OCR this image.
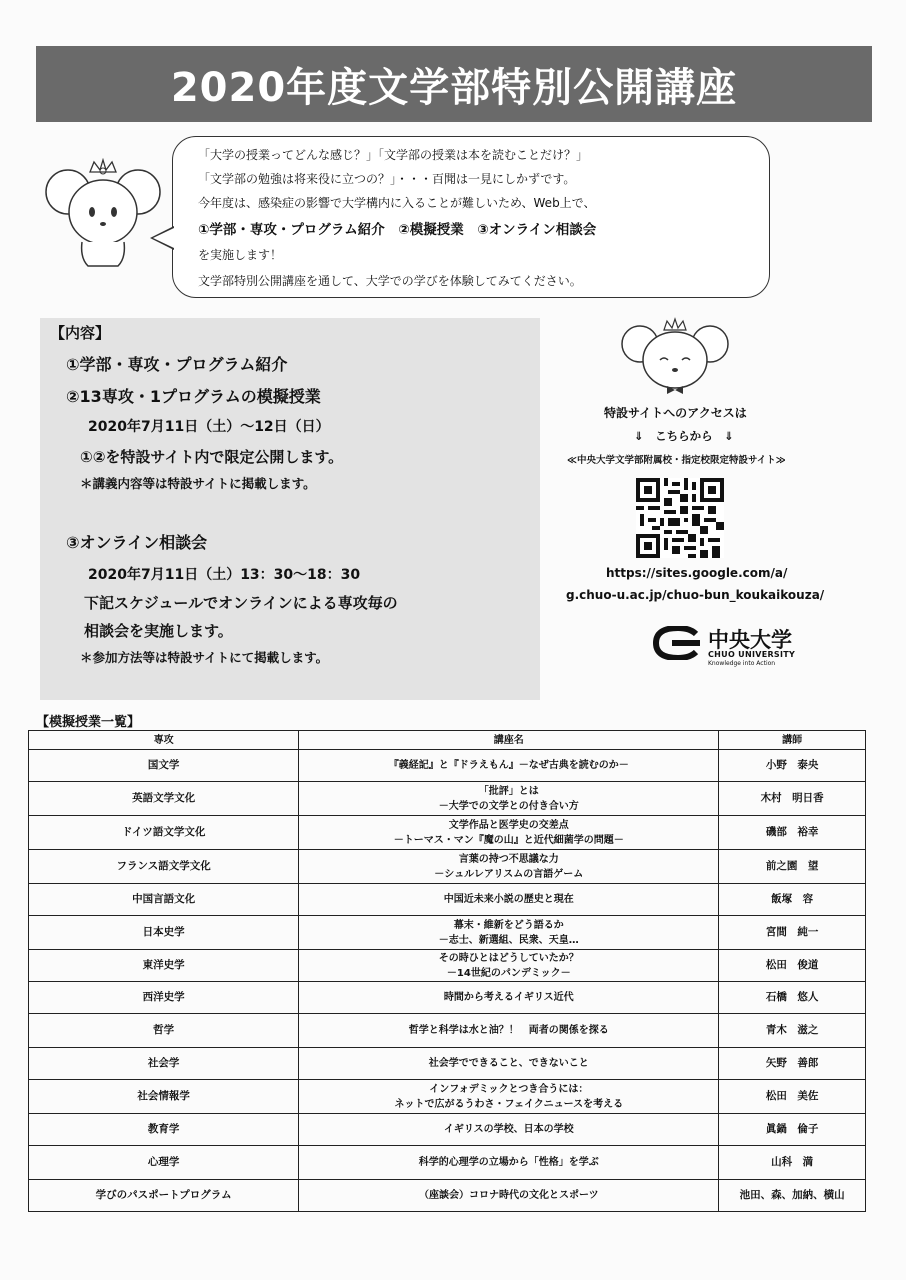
2020年度文学部特別公開講座
「大学の授業ってどんな感じ？」「文学部の授業は本を読むことだけ？」
「文学部の勉強は将来役に立つの？」・・・百聞は一見にしかずです。
今年度は、感染症の影響で大学構内に入ることが難しいため、Web上で、
①学部・専攻・プログラム紹介　②模擬授業　③オンライン相談会
を実施します！
文学部特別公開講座を通して、大学での学びを体験してみてください。
【内容】
①学部・専攻・プログラム紹介
②13専攻・1プログラムの模擬授業
2020年7月11日（土）～12日（日）
①②を特設サイト内で限定公開します。
＊講義内容等は特設サイトに掲載します。
③オンライン相談会
2020年7月11日（土）13：30～18：30
下記スケジュールでオンラインによる専攻毎の
相談会を実施します。
＊参加方法等は特設サイトにて掲載します。
特設サイトへのアクセスは
⇓　こちらから　⇓
≪中央大学文学部附属校・指定校限定特設サイト≫
https://sites.google.com/a/
g.chuo-u.ac.jp/chuo-bun_koukaikouza/
中央大学
CHUO UNIVERSITY
Knowledge into Action
【模擬授業一覧】
専攻	講座名	講師
国文学	『義経記』と『ドラえもん』－なぜ古典を読むのか－	小野　泰央
英語文学文化	「批評」とは
－大学での文学との付き合い方	木村　明日香
ドイツ語文学文化	文学作品と医学史の交差点
－トーマス・マン『魔の山』と近代細菌学の問題－	磯部　裕幸
フランス語文学文化	言葉の持つ不思議な力
－シュルレアリスムの言語ゲーム	前之園　望
中国言語文化	中国近未来小説の歴史と現在	飯塚　容
日本史学	幕末・維新をどう語るか
－志士、新選組、民衆、天皇…	宮間　純一
東洋史学	その時ひとはどうしていたか？
－14世紀のパンデミック－	松田　俊道
西洋史学	時間から考えるイギリス近代	石橋　悠人
哲学	哲学と科学は水と油？！　両者の関係を探る	青木　滋之
社会学	社会学でできること、できないこと	矢野　善郎
社会情報学	インフォデミックとつき合うには：
ネットで広がるうわさ・フェイクニュースを考える	松田　美佐
教育学	イギリスの学校、日本の学校	眞鍋　倫子
心理学	科学的心理学の立場から「性格」を学ぶ	山科　満
学びのパスポートプログラム	（座談会）コロナ時代の文化とスポーツ	池田、森、加納、横山
